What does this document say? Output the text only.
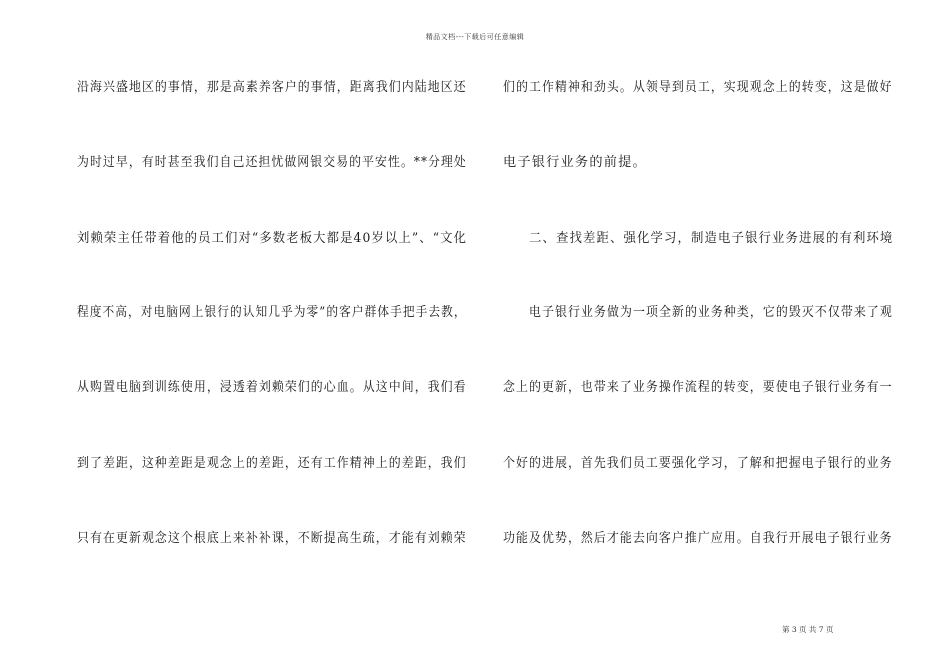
精品文档---下载后可任意编辑
沿海兴盛地区的事情，那是高素养客户的事情，距离我们内陆地区还
为时过早，有时甚至我们自己还担忧做网银交易的平安性。**分理处
刘赖荣主任带着他的员工们对“多数老板大都是40岁以上”、“文化
程度不高，对电脑网上银行的认知几乎为零”的客户群体手把手去教，
从购置电脑到训练使用，浸透着刘赖荣们的心血。从这中间，我们看
到了差距，这种差距是观念上的差距，还有工作精神上的差距，我们
只有在更新观念这个根底上来补补课，不断提高生疏，才能有刘赖荣
们的工作精神和劲头。从领导到员工，实现观念上的转变，这是做好
电子银行业务的前提。
二、查找差距、强化学习，制造电子银行业务进展的有利环境
电子银行业务做为一项全新的业务种类，它的毁灭不仅带来了观
念上的更新，也带来了业务操作流程的转变，要使电子银行业务有一
个好的进展，首先我们员工要强化学习，了解和把握电子银行的业务
功能及优势，然后才能去向客户推广应用。自我行开展电子银行业务
第 3 页 共 7 页
